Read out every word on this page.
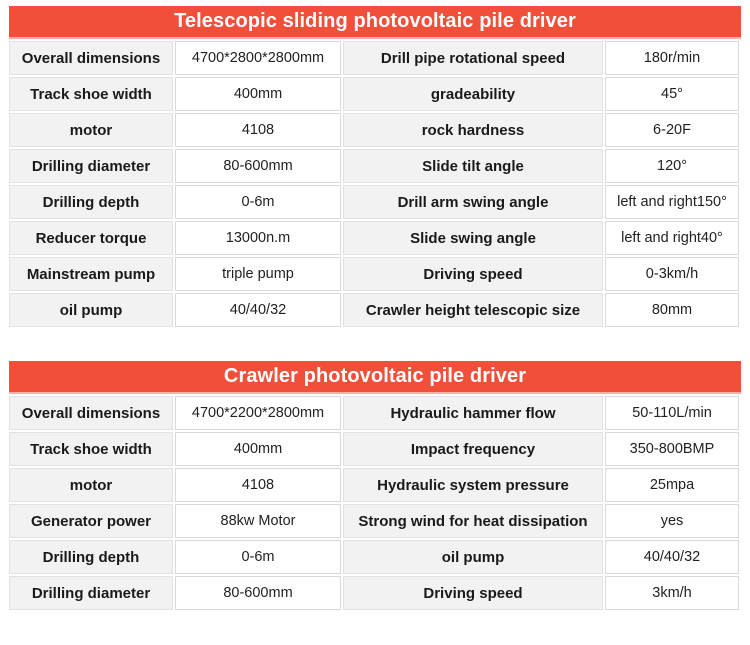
Telescopic sliding photovoltaic pile driver
Overall dimensions	4700*2800*2800mm	Drill pipe rotational speed	180r/min
Track shoe width	400mm	gradeability	45°
motor	4108	rock hardness	6-20F
Drilling diameter	80-600mm	Slide tilt angle	120°
Drilling depth	0-6m	Drill arm swing angle	left and right150°
Reducer torque	13000n.m	Slide swing angle	left and right40°
Mainstream pump	triple pump	Driving speed	0-3km/h
oil pump	40/40/32	Crawler height telescopic size	80mm
Crawler photovoltaic pile driver
Overall dimensions	4700*2200*2800mm	Hydraulic hammer flow	50-110L/min
Track shoe width	400mm	Impact frequency	350-800BMP
motor	4108	Hydraulic system pressure	25mpa
Generator power	88kw Motor	Strong wind for heat dissipation	yes
Drilling depth	0-6m	oil pump	40/40/32
Drilling diameter	80-600mm	Driving speed	3km/h
